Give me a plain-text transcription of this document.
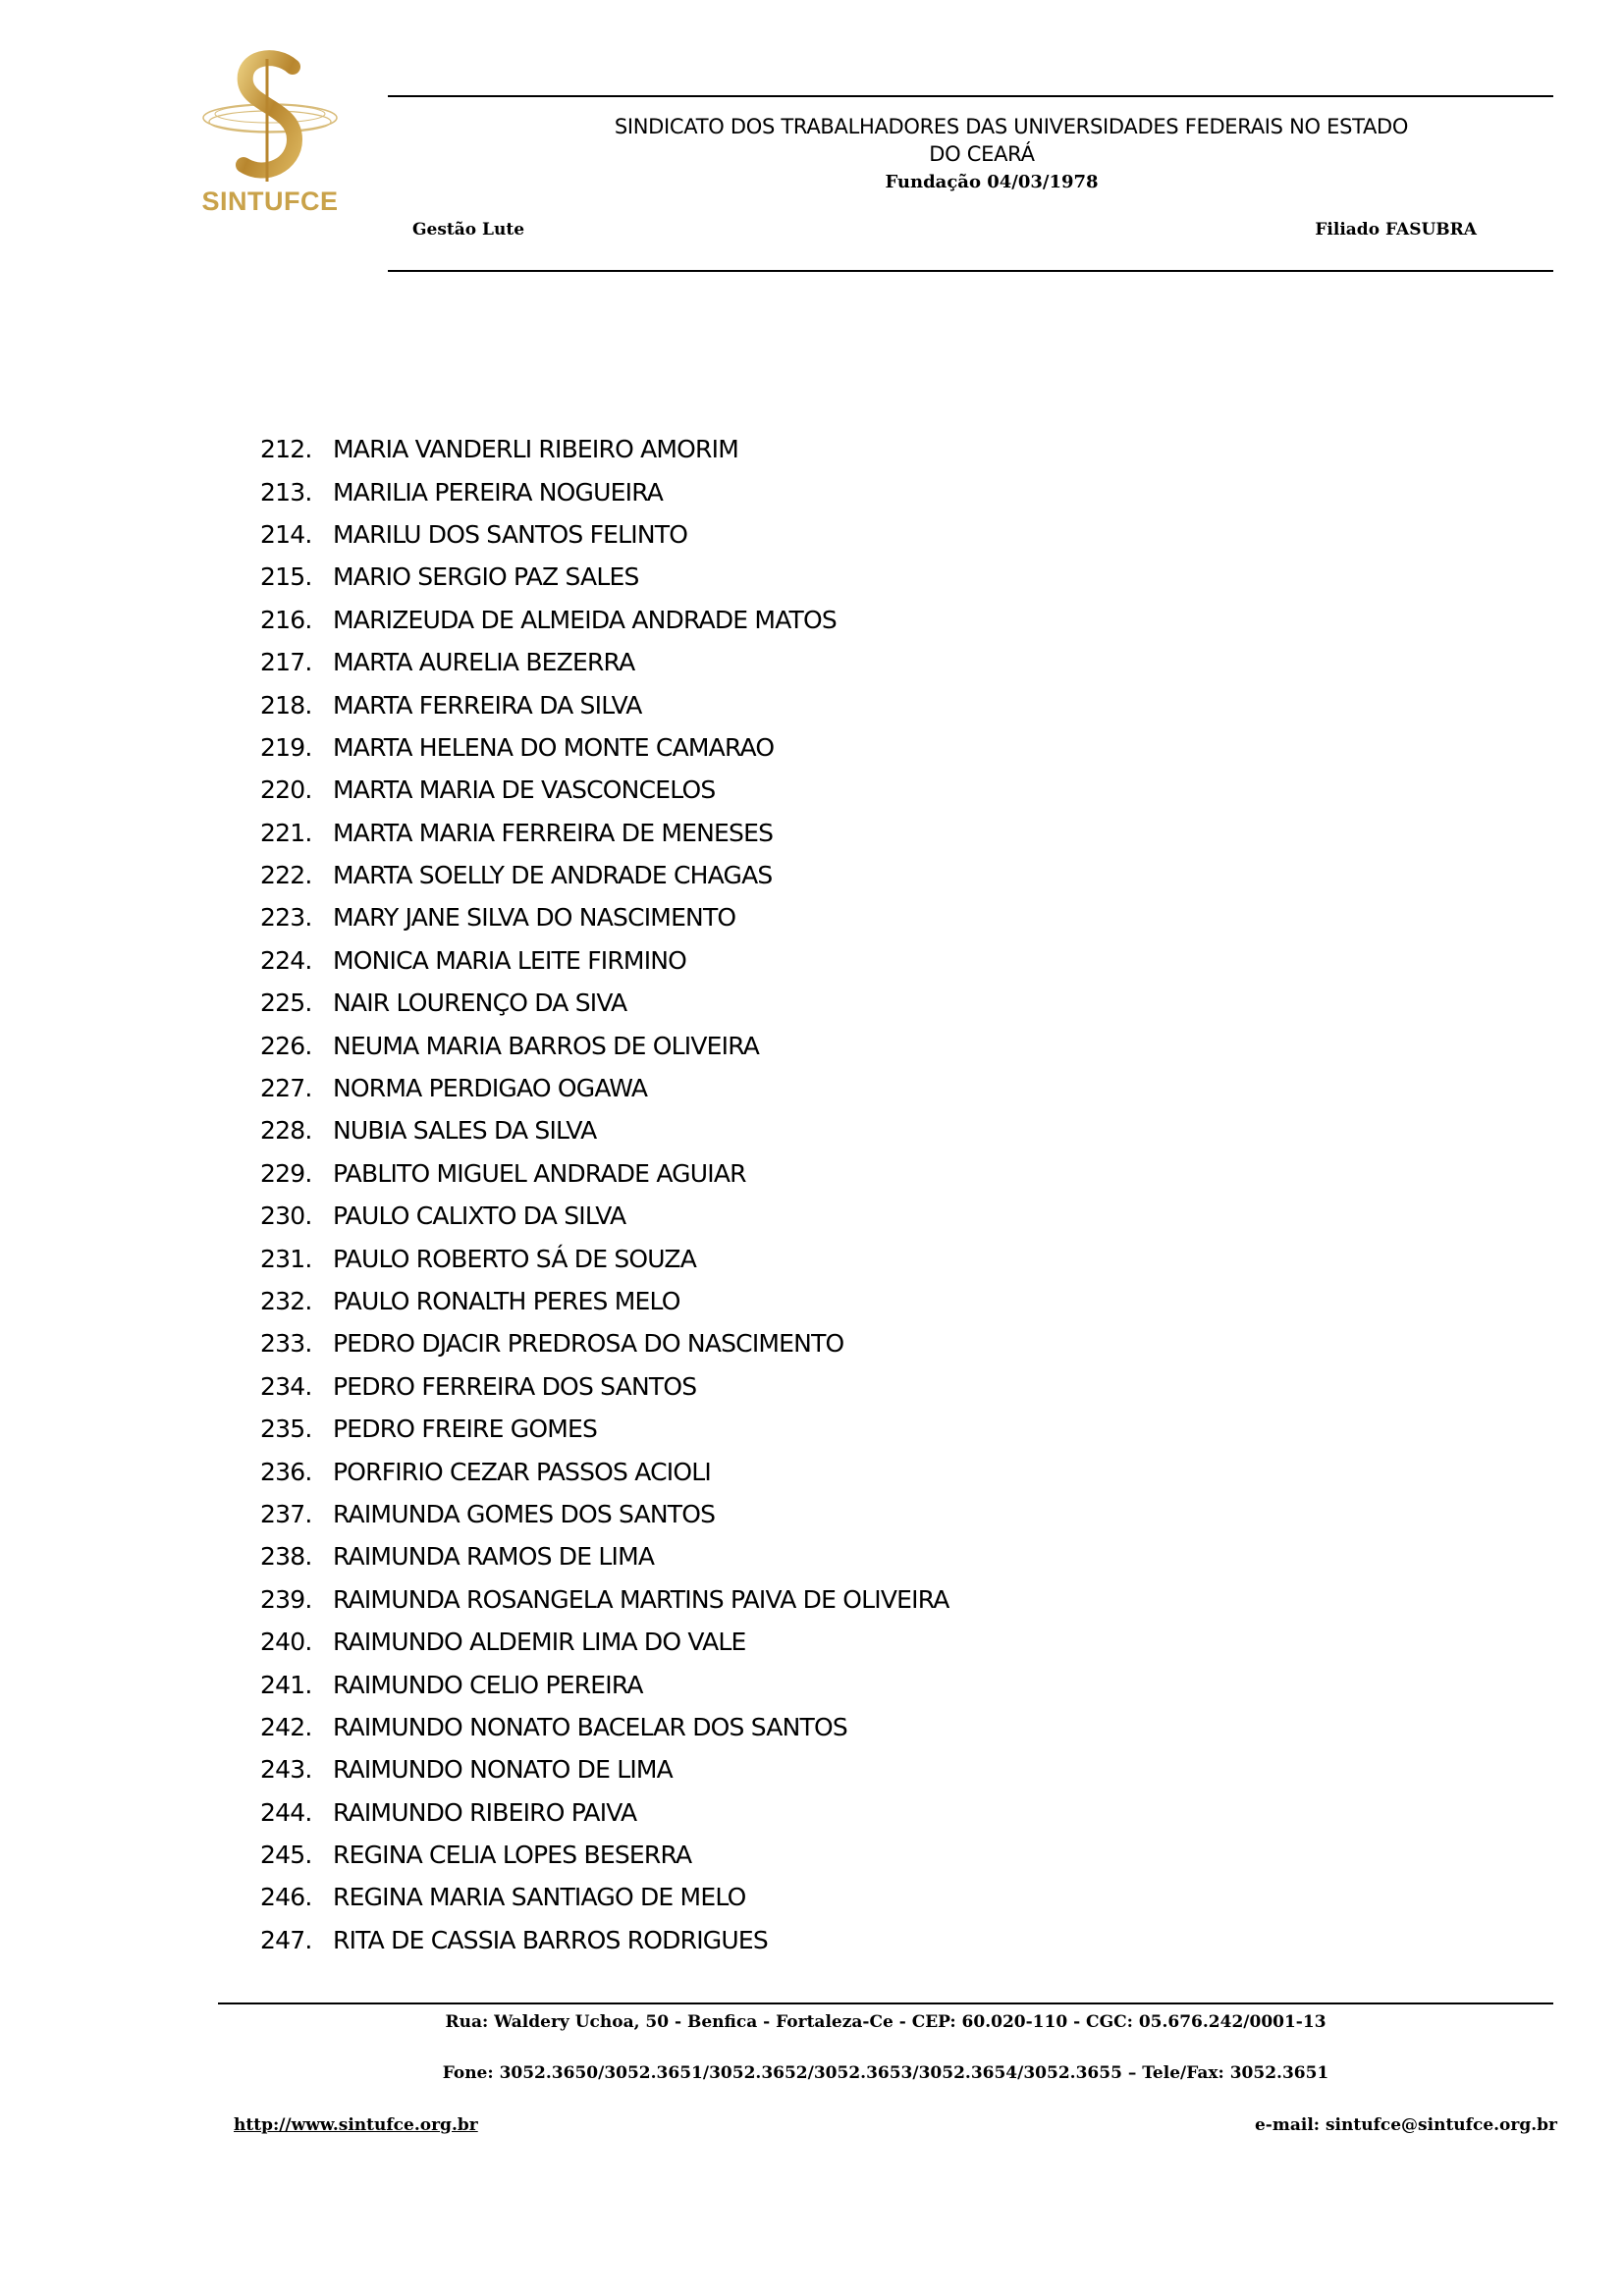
SINTUFCE
SINDICATO DOS TRABALHADORES DAS UNIVERSIDADES FEDERAIS NO ESTADO
DO CEARÁ
Fundação 04/03/1978
Gestão Lute	Filiado FASUBRA
212. MARIA VANDERLI RIBEIRO AMORIM
213. MARILIA PEREIRA NOGUEIRA
214. MARILU DOS SANTOS FELINTO
215. MARIO SERGIO PAZ SALES
216. MARIZEUDA DE ALMEIDA ANDRADE MATOS
217. MARTA AURELIA BEZERRA
218. MARTA FERREIRA DA SILVA
219. MARTA HELENA DO MONTE CAMARAO
220. MARTA MARIA DE VASCONCELOS
221. MARTA MARIA FERREIRA DE MENESES
222. MARTA SOELLY DE ANDRADE CHAGAS
223. MARY JANE SILVA DO NASCIMENTO
224. MONICA MARIA LEITE FIRMINO
225. NAIR LOURENÇO DA SIVA
226. NEUMA MARIA BARROS DE OLIVEIRA
227. NORMA PERDIGAO OGAWA
228. NUBIA SALES DA SILVA
229. PABLITO MIGUEL ANDRADE AGUIAR
230. PAULO CALIXTO DA SILVA
231. PAULO ROBERTO SÁ DE SOUZA
232. PAULO RONALTH PERES MELO
233. PEDRO DJACIR PREDROSA DO NASCIMENTO
234. PEDRO FERREIRA DOS SANTOS
235. PEDRO FREIRE GOMES
236. PORFIRIO CEZAR PASSOS ACIOLI
237. RAIMUNDA GOMES DOS SANTOS
238. RAIMUNDA RAMOS DE LIMA
239. RAIMUNDA ROSANGELA MARTINS PAIVA DE OLIVEIRA
240. RAIMUNDO ALDEMIR LIMA DO VALE
241. RAIMUNDO CELIO PEREIRA
242. RAIMUNDO NONATO BACELAR DOS SANTOS
243. RAIMUNDO NONATO DE LIMA
244. RAIMUNDO RIBEIRO PAIVA
245. REGINA CELIA LOPES BESERRA
246. REGINA MARIA SANTIAGO DE MELO
247. RITA DE CASSIA BARROS RODRIGUES
Rua: Waldery Uchoa, 50 - Benfica - Fortaleza-Ce - CEP: 60.020-110 - CGC: 05.676.242/0001-13
Fone: 3052.3650/3052.3651/3052.3652/3052.3653/3052.3654/3052.3655 – Tele/Fax: 3052.3651
http://www.sintufce.org.br	e-mail: sintufce@sintufce.org.br
